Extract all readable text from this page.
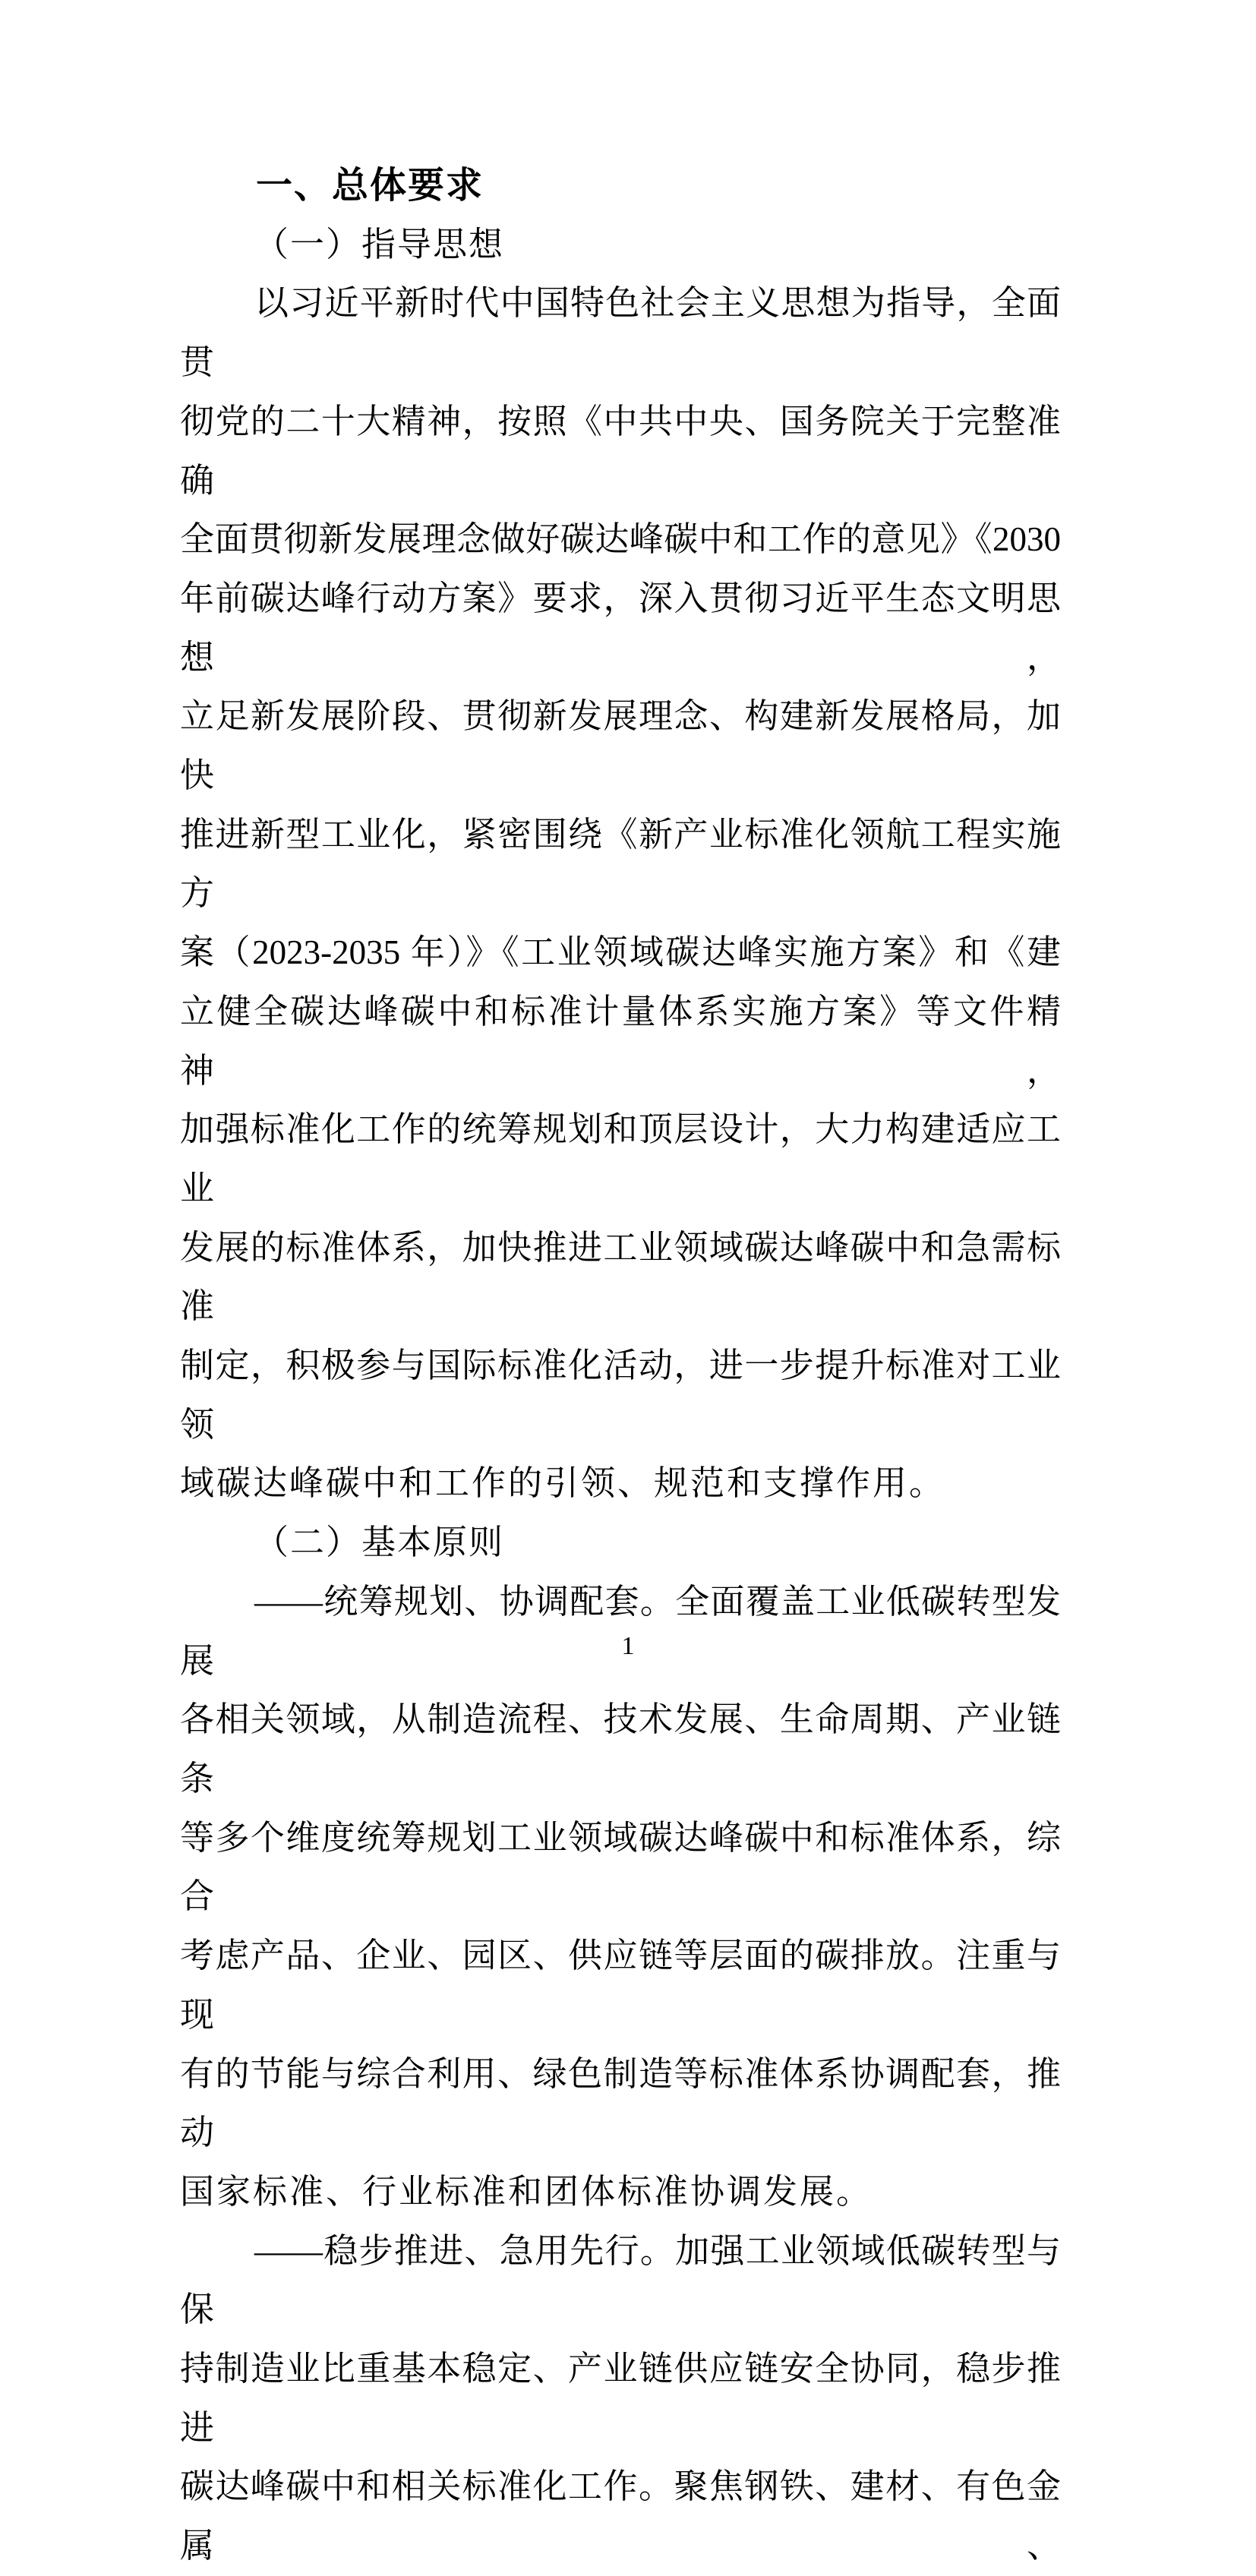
一、总体要求
（一）指导思想
以习近平新时代中国特色社会主义思想为指导，全面贯
彻党的二十大精神，按照《中共中央、国务院关于完整准确
全面贯彻新发展理念做好碳达峰碳中和工作的意见》《2030
年前碳达峰行动方案》要求，深入贯彻习近平生态文明思想，
立足新发展阶段、贯彻新发展理念、构建新发展格局，加快
推进新型工业化，紧密围绕《新产业标准化领航工程实施方
案（2023-2035 年）》《工业领域碳达峰实施方案》和《建
立健全碳达峰碳中和标准计量体系实施方案》等文件精神，
加强标准化工作的统筹规划和顶层设计，大力构建适应工业
发展的标准体系，加快推进工业领域碳达峰碳中和急需标准
制定，积极参与国际标准化活动，进一步提升标准对工业领
域碳达峰碳中和工作的引领、规范和支撑作用。
（二）基本原则
——统筹规划、协调配套。全面覆盖工业低碳转型发展
各相关领域，从制造流程、技术发展、生命周期、产业链条
等多个维度统筹规划工业领域碳达峰碳中和标准体系，综合
考虑产品、企业、园区、供应链等层面的碳排放。注重与现
有的节能与综合利用、绿色制造等标准体系协调配套，推动
国家标准、行业标准和团体标准协调发展。
——稳步推进、急用先行。加强工业领域低碳转型与保
持制造业比重基本稳定、产业链供应链安全协同，稳步推进
碳达峰碳中和相关标准化工作。聚焦钢铁、建材、有色金属、
1
